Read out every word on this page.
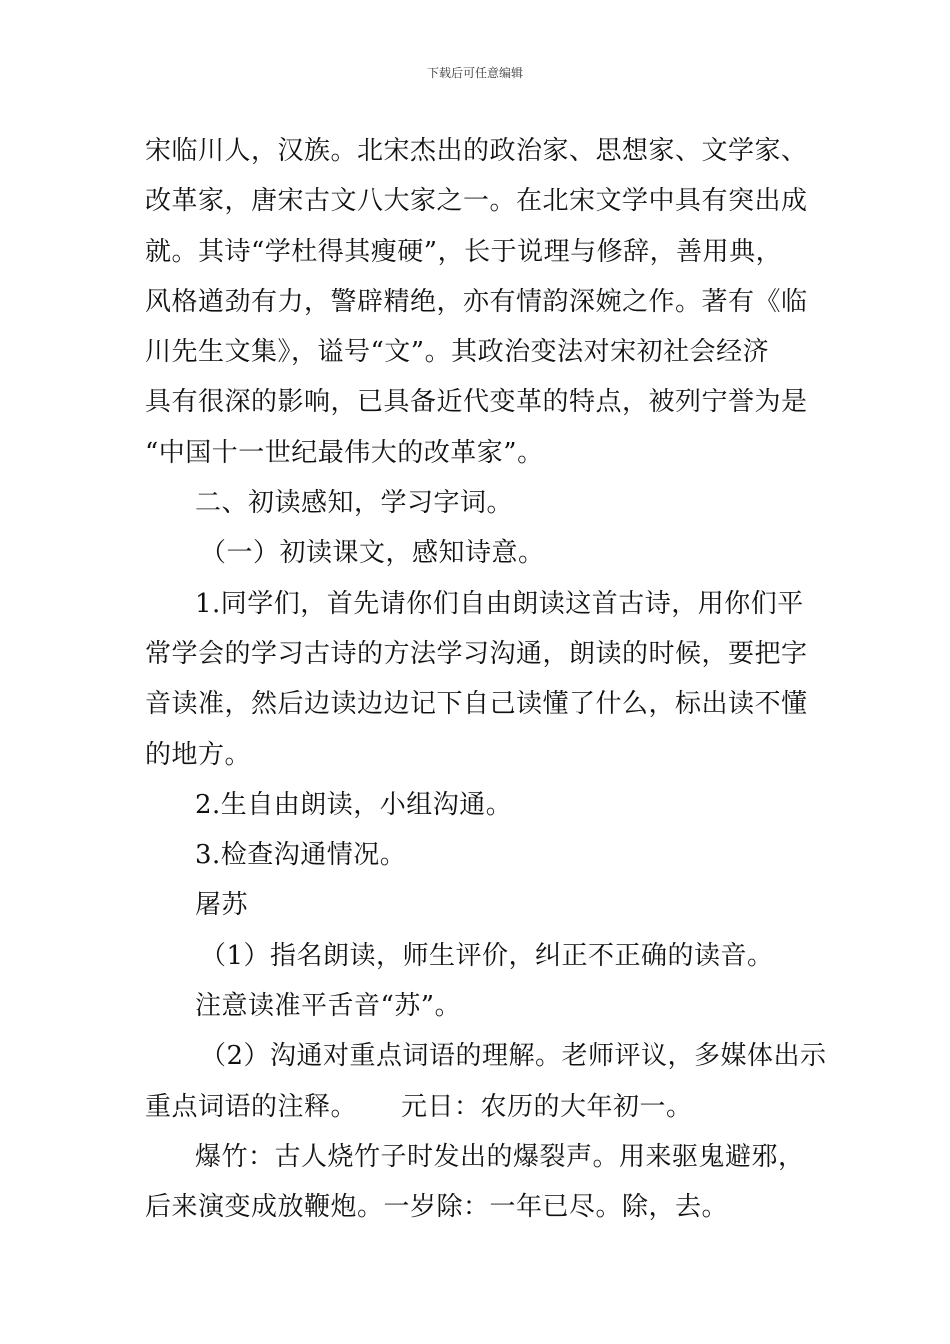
下载后可任意编辑

宋临川人，汉族。北宋杰出的政治家、思想家、文学家、

改革家，唐宋古文八大家之一。在北宋文学中具有突出成

就。其诗“学杜得其瘦硬”，长于说理与修辞，善用典，

风格遒劲有力，警辟精绝，亦有情韵深婉之作。著有《临

川先生文集》，谥号“文”。其政治变法对宋初社会经济

具有很深的影响，已具备近代变革的特点，被列宁誉为是

“中国十一世纪最伟大的改革家”。

二、初读感知，学习字词。

（一）初读课文，感知诗意。

1.同学们，首先请你们自由朗读这首古诗，用你们平

常学会的学习古诗的方法学习沟通，朗读的时候，要把字

音读准，然后边读边边记下自己读懂了什么，标出读不懂

的地方。

2.生自由朗读，小组沟通。

3.检查沟通情况。

屠苏

（1）指名朗读，师生评价，纠正不正确的读音。

注意读准平舌音“苏”。

（2）沟通对重点词语的理解。老师评议，多媒体出示

重点词语的注释。 元日：农历的大年初一。

爆竹：古人烧竹子时发出的爆裂声。用来驱鬼避邪，

后来演变成放鞭炮。一岁除：一年已尽。除，去。
